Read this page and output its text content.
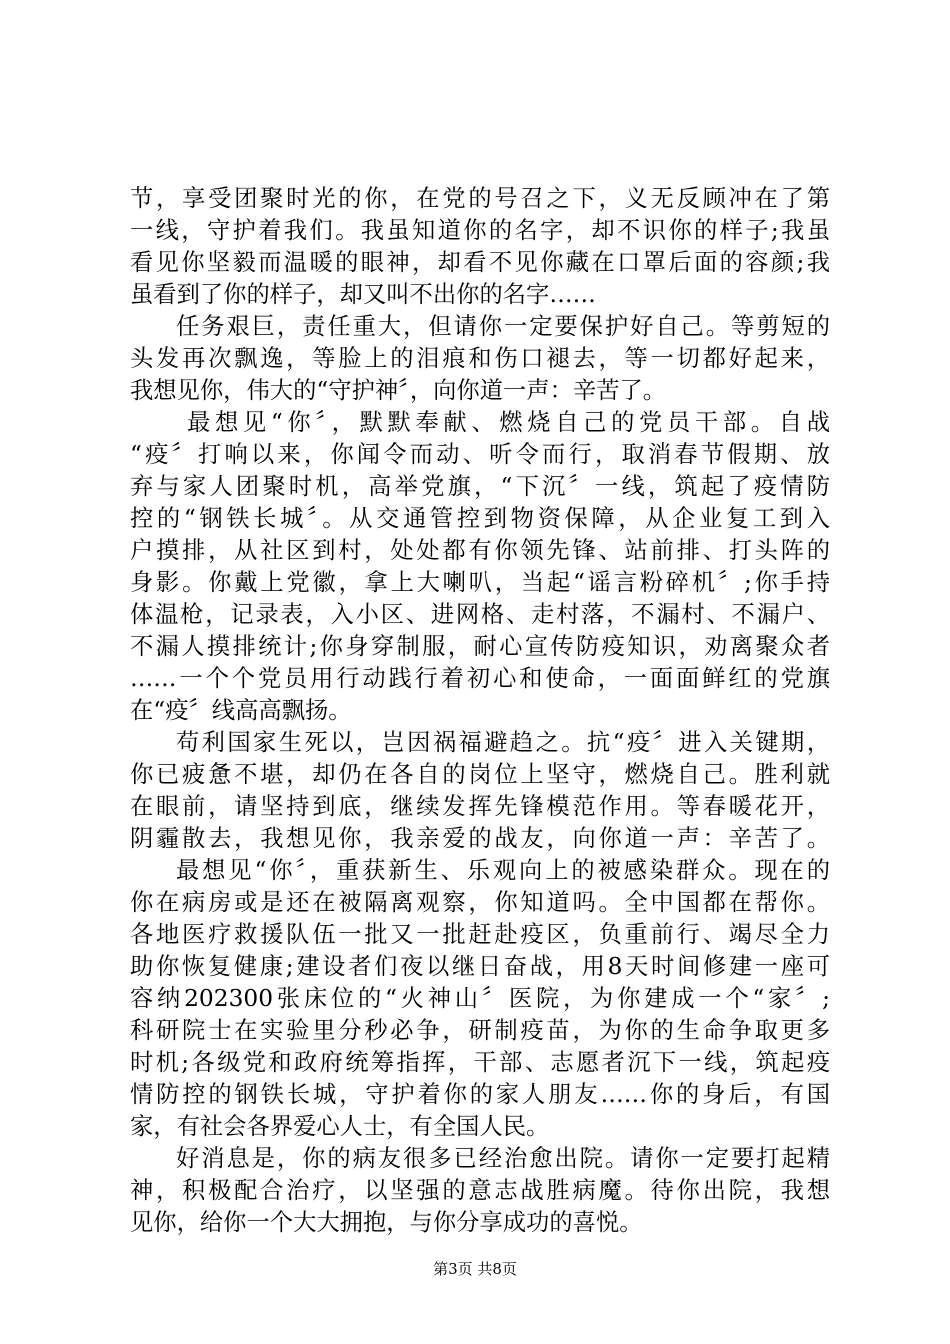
节，享受团聚时光的你，在党的号召之下，义无反顾冲在了第
一线，守护着我们。我虽知道你的名字，却不识你的样子;我虽
看见你坚毅而温暖的眼神，却看不见你藏在口罩后面的容颜;我
虽看到了你的样子，却又叫不出你的名字……
任务艰巨，责任重大，但请你一定要保护好自己。等剪短的
头发再次飘逸，等脸上的泪痕和伤口褪去，等一切都好起来，
我想见你，伟大的“守护神〞，向你道一声：辛苦了。
最想见“你〞，默默奉献、燃烧自己的党员干部。自战
“疫〞打响以来，你闻令而动、听令而行，取消春节假期、放
弃与家人团聚时机，高举党旗，“下沉〞一线，筑起了疫情防
控的“钢铁长城〞。从交通管控到物资保障，从企业复工到入
户摸排，从社区到村，处处都有你领先锋、站前排、打头阵的
身影。你戴上党徽，拿上大喇叭，当起“谣言粉碎机〞;你手持
体温枪，记录表，入小区、进网格、走村落，不漏村、不漏户、
不漏人摸排统计;你身穿制服，耐心宣传防疫知识，劝离聚众者
……一个个党员用行动践行着初心和使命，一面面鲜红的党旗
在“疫〞线高高飘扬。
苟利国家生死以，岂因祸福避趋之。抗“疫〞进入关键期，
你已疲惫不堪，却仍在各自的岗位上坚守，燃烧自己。胜利就
在眼前，请坚持到底，继续发挥先锋模范作用。等春暖花开，
阴霾散去，我想见你，我亲爱的战友，向你道一声：辛苦了。
最想见“你〞，重获新生、乐观向上的被感染群众。现在的
你在病房或是还在被隔离观察，你知道吗。全中国都在帮你。
各地医疗救援队伍一批又一批赶赴疫区，负重前行、竭尽全力
助你恢复健康;建设者们夜以继日奋战，用8天时间修建一座可
容纳202300张床位的“火神山〞医院，为你建成一个“家〞;
科研院士在实验里分秒必争，研制疫苗，为你的生命争取更多
时机;各级党和政府统筹指挥，干部、志愿者沉下一线，筑起疫
情防控的钢铁长城，守护着你的家人朋友……你的身后，有国
家，有社会各界爱心人士，有全国人民。
好消息是，你的病友很多已经治愈出院。请你一定要打起精
神，积极配合治疗，以坚强的意志战胜病魔。待你出院，我想
见你，给你一个大大拥抱，与你分享成功的喜悦。
第3页 共8页
